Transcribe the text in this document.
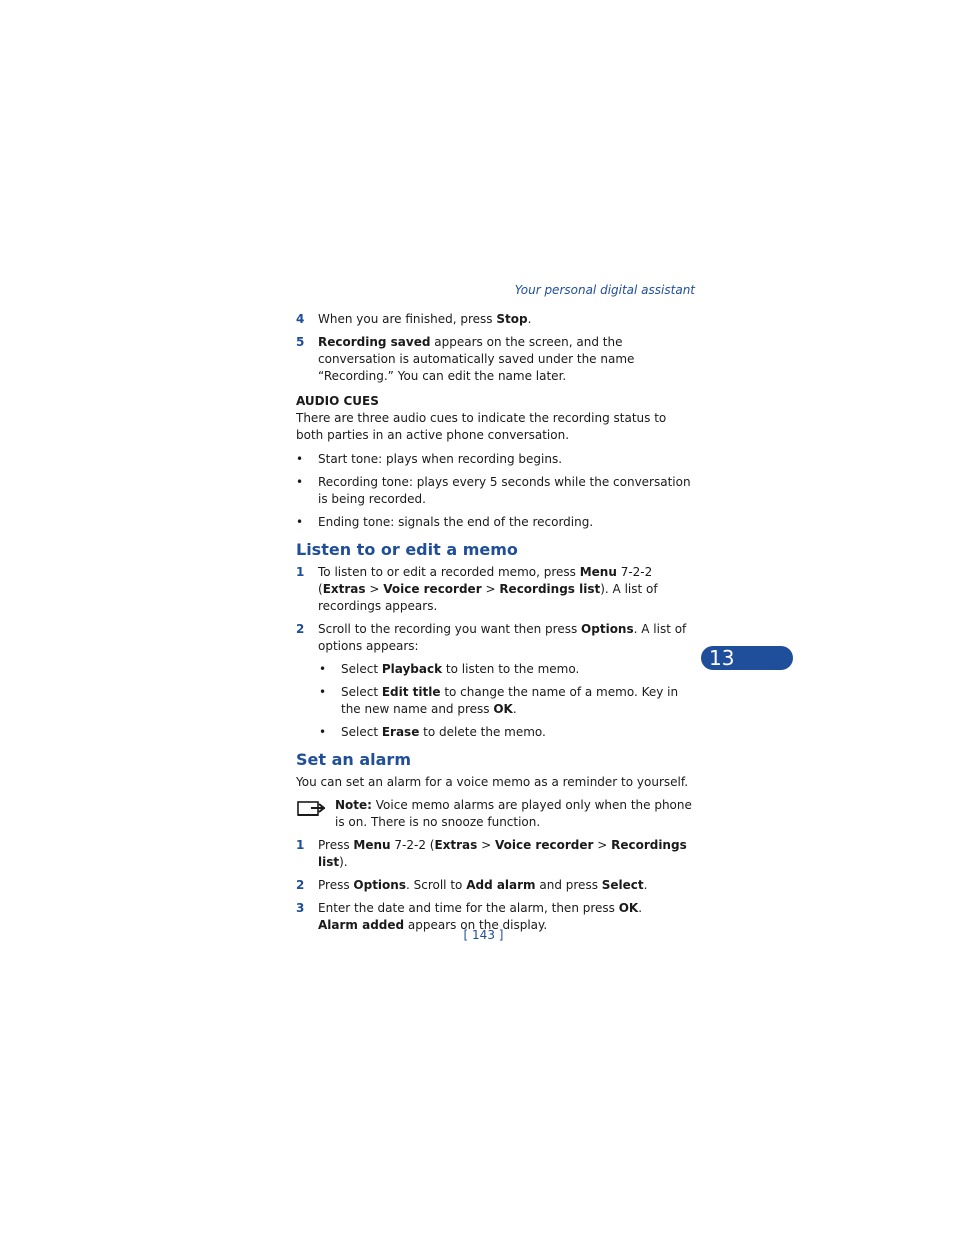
Your personal digital assistant
4 When you are finished, press Stop.
5 Recording saved appears on the screen, and the conversation is automatically saved under the name “Recording.” You can edit the name later.
AUDIO CUES
There are three audio cues to indicate the recording status to both parties in an active phone conversation.
• Start tone: plays when recording begins.
• Recording tone: plays every 5 seconds while the conversation is being recorded.
• Ending tone: signals the end of the recording.
Listen to or edit a memo
1 To listen to or edit a recorded memo, press Menu 7-2-2 (Extras > Voice recorder > Recordings list). A list of recordings appears.
2 Scroll to the recording you want then press Options. A list of options appears:
• Select Playback to listen to the memo.
• Select Edit title to change the name of a memo. Key in the new name and press OK.
• Select Erase to delete the memo.
Set an alarm
You can set an alarm for a voice memo as a reminder to yourself.
Note: Voice memo alarms are played only when the phone is on. There is no snooze function.
1 Press Menu 7-2-2 (Extras > Voice recorder > Recordings list).
2 Press Options. Scroll to Add alarm and press Select.
3 Enter the date and time for the alarm, then press OK.
Alarm added appears on the display.
13
[ 143 ]
